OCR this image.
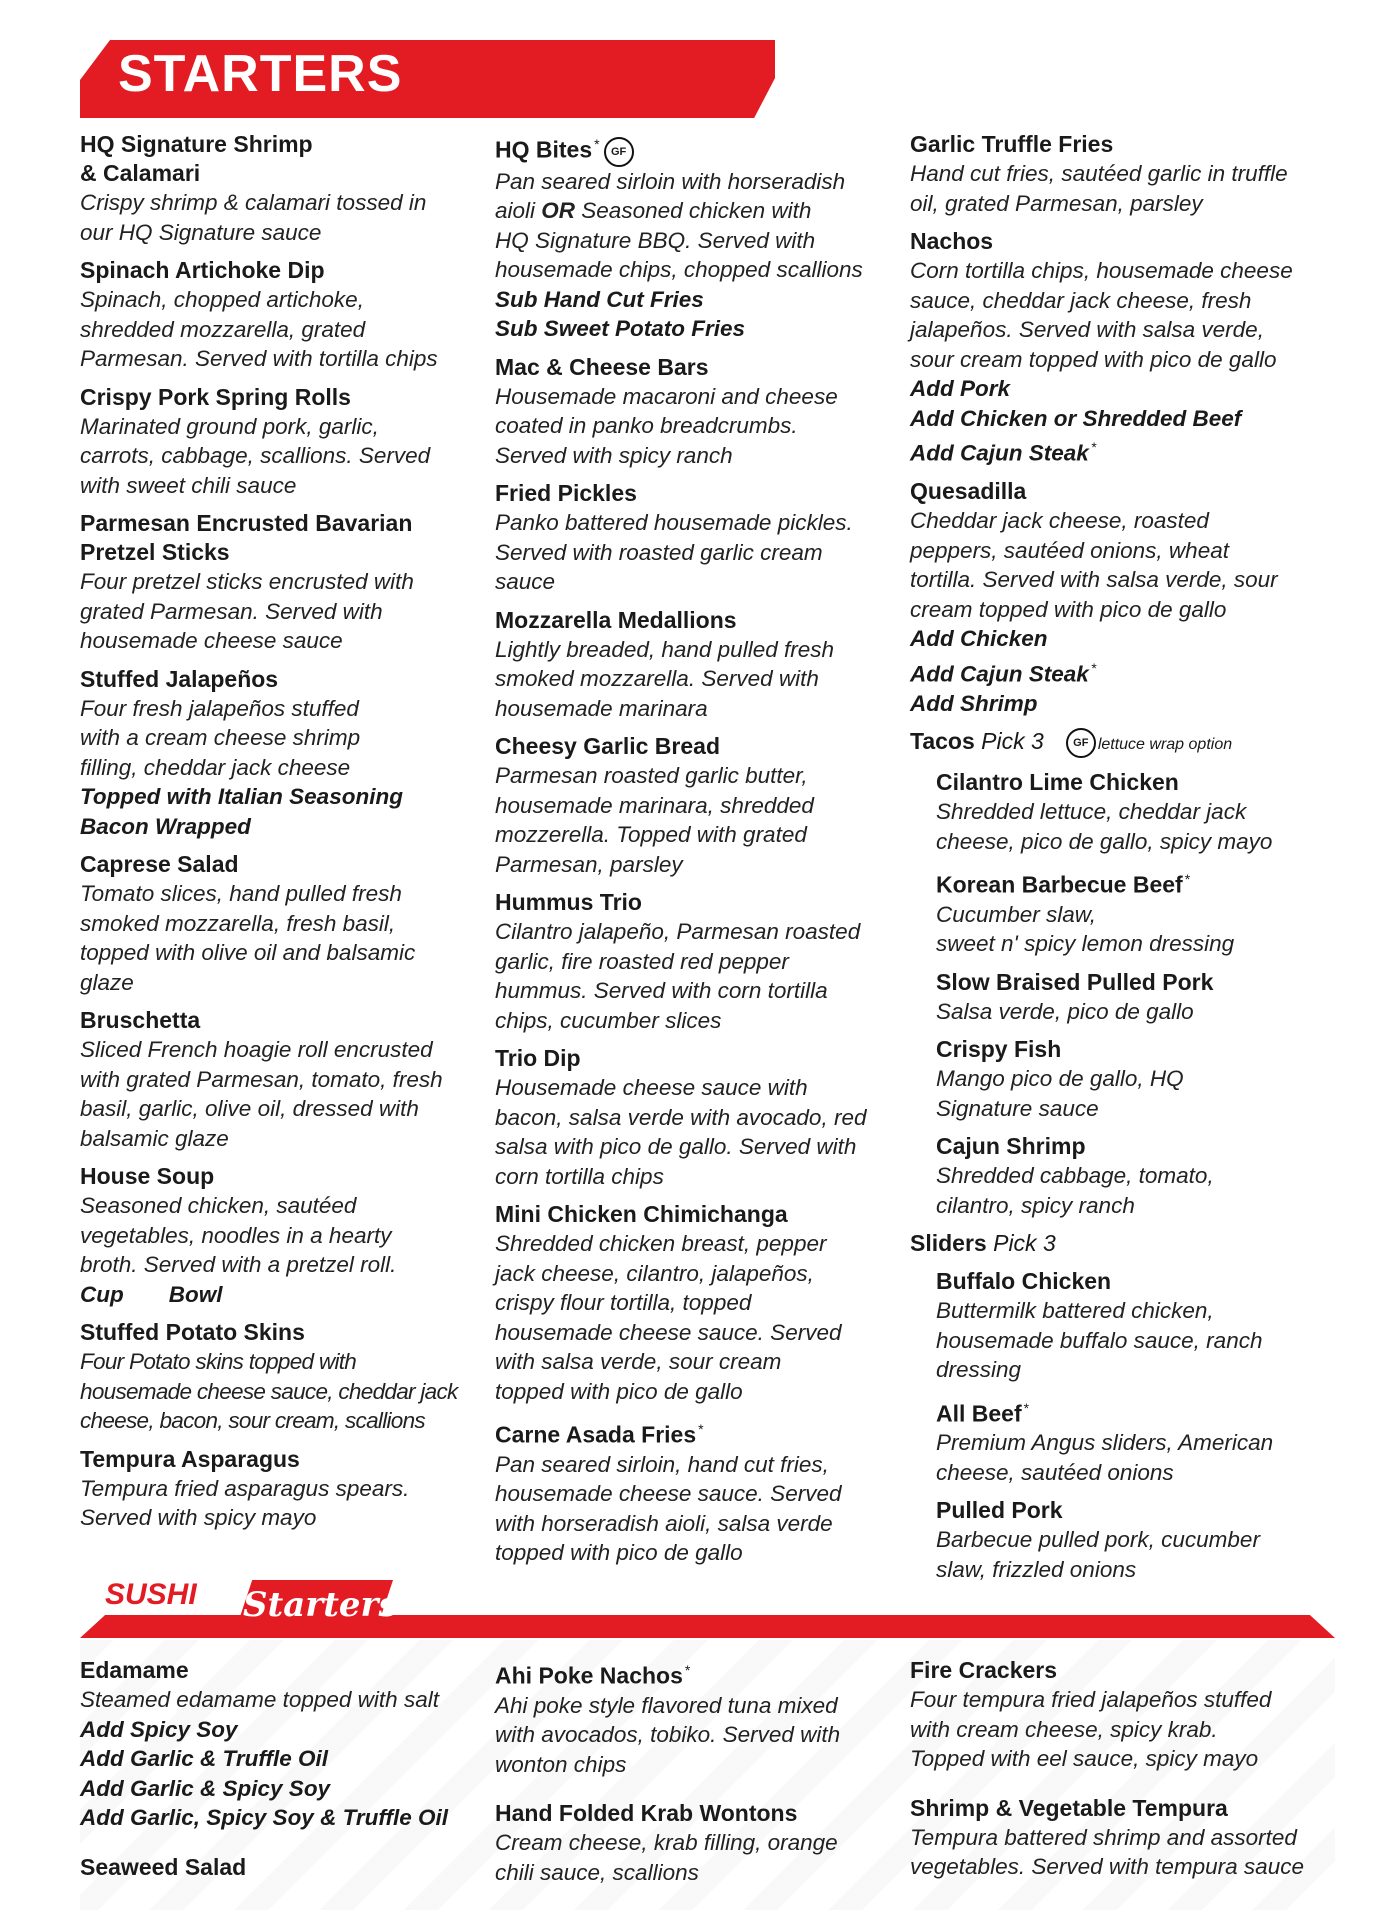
STARTERS
HQ Signature Shrimp
& Calamari
Crispy shrimp & calamari tossed in
our HQ Signature sauce
Spinach Artichoke Dip
Spinach, chopped artichoke,
shredded mozzarella, grated
Parmesan. Served with tortilla chips
Crispy Pork Spring Rolls
Marinated ground pork, garlic,
carrots, cabbage, scallions. Served
with sweet chili sauce
Parmesan Encrusted Bavarian
Pretzel Sticks
Four pretzel sticks encrusted with
grated Parmesan. Served with
housemade cheese sauce
Stuffed Jalapeños
Four fresh jalapeños stuffed
with a cream cheese shrimp
filling, cheddar jack cheese
Topped with Italian Seasoning
Bacon Wrapped
Caprese Salad
Tomato slices, hand pulled fresh
smoked mozzarella, fresh basil,
topped with olive oil and balsamic
glaze
Bruschetta
Sliced French hoagie roll encrusted
with grated Parmesan, tomato, fresh
basil, garlic, olive oil, dressed with
balsamic glaze
House Soup
Seasoned chicken, sautéed
vegetables, noodles in a hearty
broth. Served with a pretzel roll.
Cup Bowl
Stuffed Potato Skins
Four Potato skins topped with
housemade cheese sauce, cheddar jack
cheese, bacon, sour cream, scallions
Tempura Asparagus
Tempura fried asparagus spears.
Served with spicy mayo
HQ Bites * GF
Pan seared sirloin with horseradish
aioli OR Seasoned chicken with
HQ Signature BBQ. Served with
housemade chips, chopped scallions
Sub Hand Cut Fries
Sub Sweet Potato Fries
Mac & Cheese Bars
Housemade macaroni and cheese
coated in panko breadcrumbs.
Served with spicy ranch
Fried Pickles
Panko battered housemade pickles.
Served with roasted garlic cream
sauce
Mozzarella Medallions
Lightly breaded, hand pulled fresh
smoked mozzarella. Served with
housemade marinara
Cheesy Garlic Bread
Parmesan roasted garlic butter,
housemade marinara, shredded
mozzerella. Topped with grated
Parmesan, parsley
Hummus Trio
Cilantro jalapeño, Parmesan roasted
garlic, fire roasted red pepper
hummus. Served with corn tortilla
chips, cucumber slices
Trio Dip
Housemade cheese sauce with
bacon, salsa verde with avocado, red
salsa with pico de gallo. Served with
corn tortilla chips
Mini Chicken Chimichanga
Shredded chicken breast, pepper
jack cheese, cilantro, jalapeños,
crispy flour tortilla, topped
housemade cheese sauce. Served
with salsa verde, sour cream
topped with pico de gallo
Carne Asada Fries *
Pan seared sirloin, hand cut fries,
housemade cheese sauce. Served
with horseradish aioli, salsa verde
topped with pico de gallo
Garlic Truffle Fries
Hand cut fries, sautéed garlic in truffle
oil, grated Parmesan, parsley
Nachos
Corn tortilla chips, housemade cheese
sauce, cheddar jack cheese, fresh
jalapeños. Served with salsa verde,
sour cream topped with pico de gallo
Add Pork
Add Chicken or Shredded Beef
Add Cajun Steak *
Quesadilla
Cheddar jack cheese, roasted
peppers, sautéed onions, wheat
tortilla. Served with salsa verde, sour
cream topped with pico de gallo
Add Chicken
Add Cajun Steak *
Add Shrimp
Tacos Pick 3	GF lettuce wrap option
Cilantro Lime Chicken
Shredded lettuce, cheddar jack
cheese, pico de gallo, spicy mayo
Korean Barbecue Beef *
Cucumber slaw,
sweet n' spicy lemon dressing
Slow Braised Pulled Pork
Salsa verde, pico de gallo
Crispy Fish
Mango pico de gallo, HQ
Signature sauce
Cajun Shrimp
Shredded cabbage, tomato,
cilantro, spicy ranch
Sliders Pick 3
Buffalo Chicken
Buttermilk battered chicken,
housemade buffalo sauce, ranch
dressing
All Beef *
Premium Angus sliders, American
cheese, sautéed onions
Pulled Pork
Barbecue pulled pork, cucumber
slaw, frizzled onions
SUSHI Starters
Edamame
Steamed edamame topped with salt
Add Spicy Soy
Add Garlic & Truffle Oil
Add Garlic & Spicy Soy
Add Garlic, Spicy Soy & Truffle Oil
Seaweed Salad
Ahi Poke Nachos *
Ahi poke style flavored tuna mixed
with avocados, tobiko. Served with
wonton chips
Hand Folded Krab Wontons
Cream cheese, krab filling, orange
chili sauce, scallions
Fire Crackers
Four tempura fried jalapeños stuffed
with cream cheese, spicy krab.
Topped with eel sauce, spicy mayo
Shrimp & Vegetable Tempura
Tempura battered shrimp and assorted
vegetables. Served with tempura sauce
